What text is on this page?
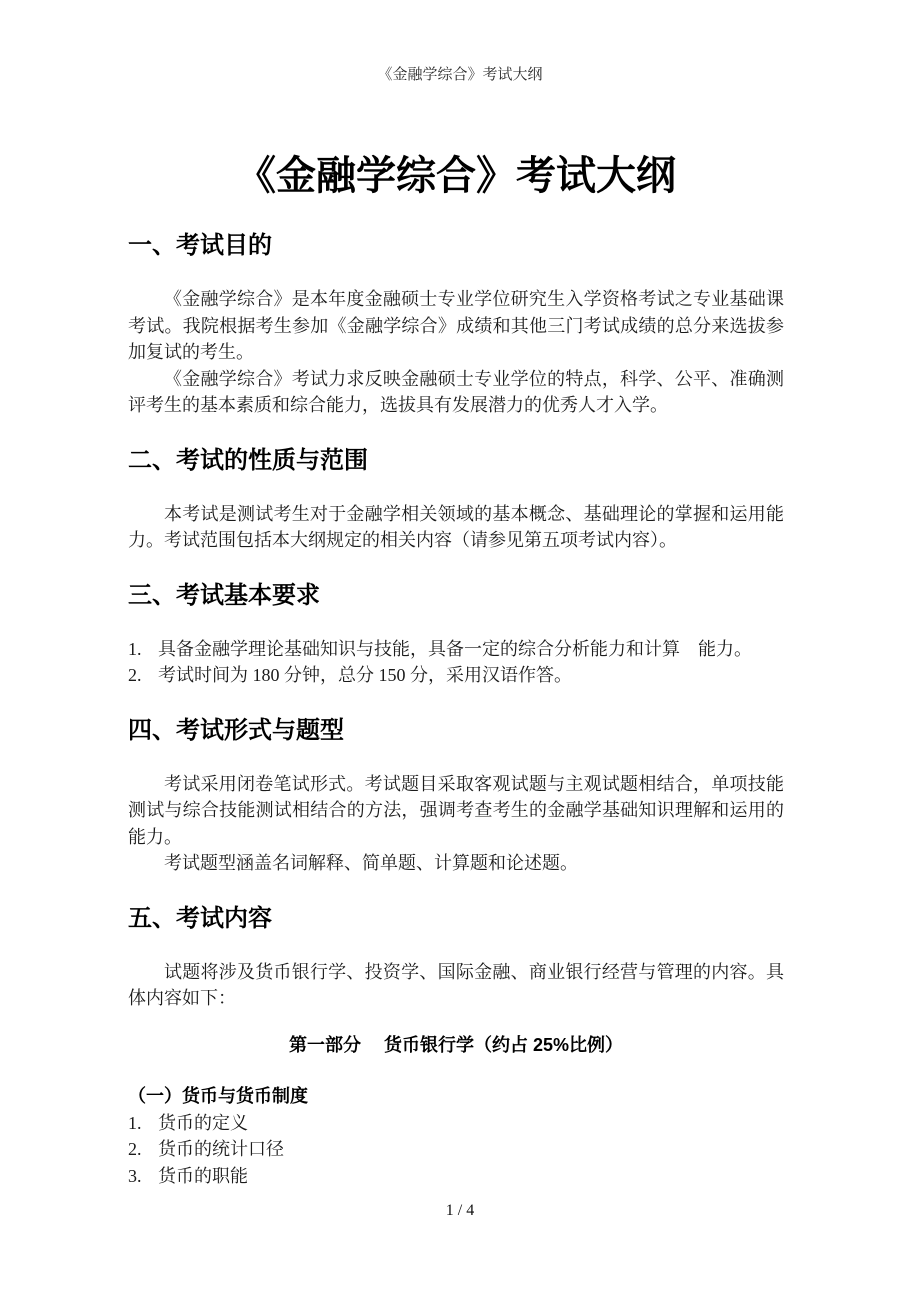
《金融学综合》考试大纲
《金融学综合》考试大纲
一、考试目的

《金融学综合》是本年度金融硕士专业学位研究生入学资格考试之专业基础课考试。我院根据考生参加《金融学综合》成绩和其他三门考试成绩的总分来选拔参加复试的考生。

《金融学综合》考试力求反映金融硕士专业学位的特点，科学、公平、准确测评考生的基本素质和综合能力，选拔具有发展潜力的优秀人才入学。

二、考试的性质与范围

本考试是测试考生对于金融学相关领域的基本概念、基础理论的掌握和运用能力。考试范围包括本大纲规定的相关内容（请参见第五项考试内容）。

三、考试基本要求
1. 具备金融学理论基础知识与技能，具备一定的综合分析能力和计算　能力。
2. 考试时间为 180 分钟，总分 150 分，采用汉语作答。
四、考试形式与题型

考试采用闭卷笔试形式。考试题目采取客观试题与主观试题相结合，单项技能测试与综合技能测试相结合的方法，强调考查考生的金融学基础知识理解和运用的能力。

考试题型涵盖名词解释、简单题、计算题和论述题。

五、考试内容

试题将涉及货币银行学、投资学、国际金融、商业银行经营与管理的内容。具体内容如下：

第一部分　 货币银行学（约占 25%比例）
（一）货币与货币制度
1. 货币的定义
2. 货币的统计口径
3. 货币的职能
1 / 4
